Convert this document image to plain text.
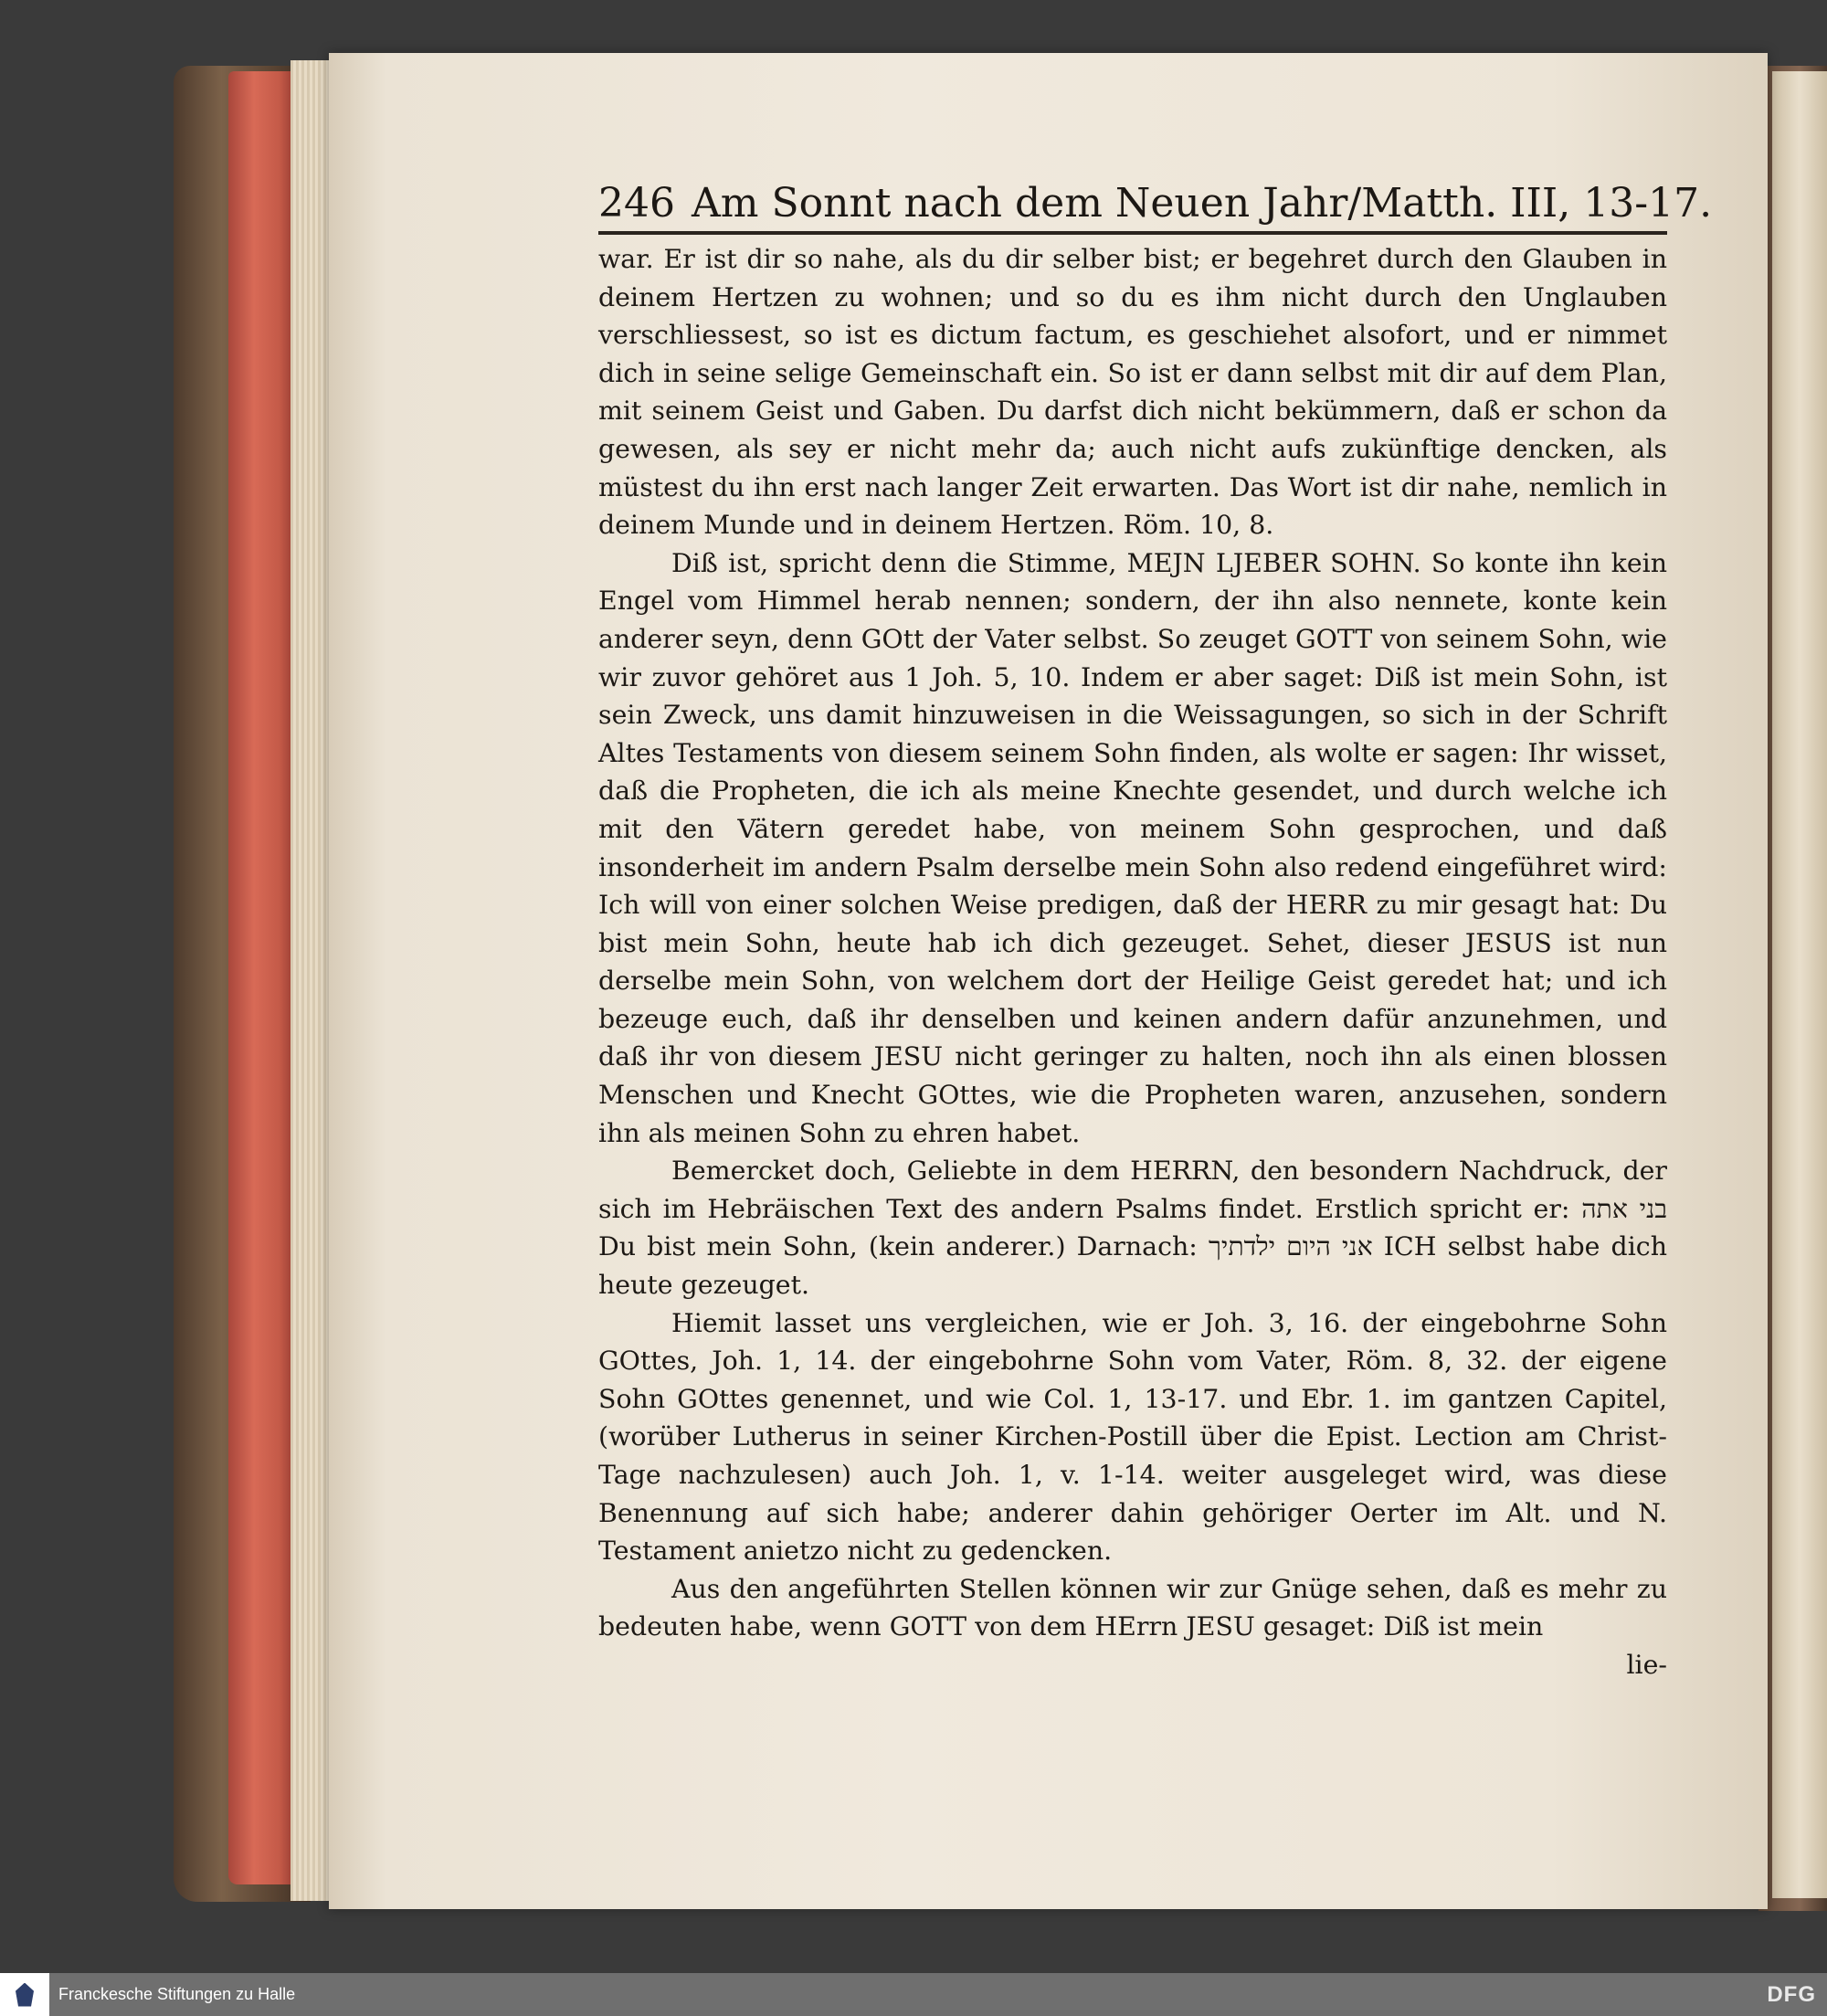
246 Am Sonnt nach dem Neuen Jahr/Matth. III, 13-17.

war. Er ist dir so nahe, als du dir selber bist; er begehret durch den Glauben in deinem Hertzen zu wohnen; und so du es ihm nicht durch den Unglauben verschliessest, so ist es dictum factum, es geschiehet alsofort, und er nimmet dich in seine selige Gemeinschaft ein. So ist er dann selbst mit dir auf dem Plan, mit seinem Geist und Gaben. Du darfst dich nicht bekümmern, daß er schon da gewesen, als sey er nicht mehr da; auch nicht aufs zukünftige dencken, als müstest du ihn erst nach langer Zeit erwarten. Das Wort ist dir nahe, nemlich in deinem Munde und in deinem Hertzen. Röm. 10, 8.

Diß ist, spricht denn die Stimme, MEJN LJEBER SOHN. So konte ihn kein Engel vom Himmel herab nennen; sondern, der ihn also nennete, konte kein anderer seyn, denn GOtt der Vater selbst. So zeuget GOTT von seinem Sohn, wie wir zuvor gehöret aus 1 Joh. 5, 10. Indem er aber saget: Diß ist mein Sohn, ist sein Zweck, uns damit hinzuweisen in die Weissagungen, so sich in der Schrift Altes Testaments von diesem seinem Sohn finden, als wolte er sagen: Ihr wisset, daß die Propheten, die ich als meine Knechte gesendet, und durch welche ich mit den Vätern geredet habe, von meinem Sohn gesprochen, und daß insonderheit im andern Psalm derselbe mein Sohn also redend eingeführet wird: Ich will von einer solchen Weise predigen, daß der HERR zu mir gesagt hat: Du bist mein Sohn, heute hab ich dich gezeuget. Sehet, dieser JESUS ist nun derselbe mein Sohn, von welchem dort der Heilige Geist geredet hat; und ich bezeuge euch, daß ihr denselben und keinen andern dafür anzunehmen, und daß ihr von diesem JESU nicht geringer zu halten, noch ihn als einen blossen Menschen und Knecht GOttes, wie die Propheten waren, anzusehen, sondern ihn als meinen Sohn zu ehren habet.

Bemercket doch, Geliebte in dem HERRN, den besondern Nachdruck, der sich im Hebräischen Text des andern Psalms findet. Erstlich spricht er: בני אתה Du bist mein Sohn, (kein anderer.) Darnach: אני היום ילדתיך ICH selbst habe dich heute gezeuget.

Hiemit lasset uns vergleichen, wie er Joh. 3, 16. der eingebohrne Sohn GOttes, Joh. 1, 14. der eingebohrne Sohn vom Vater, Röm. 8, 32. der eigene Sohn GOttes genennet, und wie Col. 1, 13-17. und Ebr. 1. im gantzen Capitel, (worüber Lutherus in seiner Kirchen-Postill über die Epist. Lection am Christ-Tage nachzulesen) auch Joh. 1, v. 1-14. weiter ausgeleget wird, was diese Benennung auf sich habe; anderer dahin gehöriger Oerter im Alt. und N. Testament anietzo nicht zu gedencken.

Aus den angeführten Stellen können wir zur Gnüge sehen, daß es mehr zu bedeuten habe, wenn GOTT von dem HErrn JESU gesaget: Diß ist mein

lie-
Franckesche Stiftungen zu Halle	DFG
